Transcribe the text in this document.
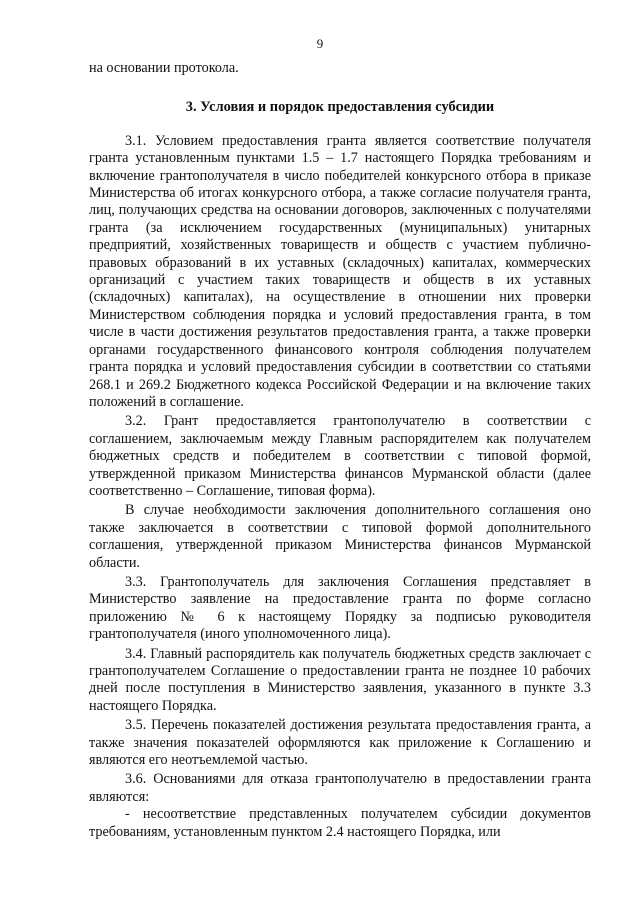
9

на основании протокола.

3. Условия и порядок предоставления субсидии

3.1. Условием предоставления гранта является соответствие получателя гранта установленным пунктами 1.5 – 1.7 настоящего Порядка требованиям и включение грантополучателя в число победителей конкурсного отбора в приказе Министерства об итогах конкурсного отбора, а также согласие получателя гранта, лиц, получающих средства на основании договоров, заключенных с получателями гранта (за исключением государственных (муниципальных) унитарных предприятий, хозяйственных товариществ и обществ с участием публично-правовых образований в их уставных (складочных) капиталах, коммерческих организаций с участием таких товариществ и обществ в их уставных (складочных) капиталах), на осуществление в отношении них проверки Министерством соблюдения порядка и условий предоставления гранта, в том числе в части достижения результатов предоставления гранта, а также проверки органами государственного финансового контроля соблюдения получателем гранта порядка и условий предоставления субсидии в соответствии со статьями 268.1 и 269.2 Бюджетного кодекса Российской Федерации и на включение таких положений в соглашение.

3.2. Грант предоставляется грантополучателю в соответствии с соглашением, заключаемым между Главным распорядителем как получателем бюджетных средств и победителем в соответствии с типовой формой, утвержденной приказом Министерства финансов Мурманской области (далее соответственно – Соглашение, типовая форма).

В случае необходимости заключения дополнительного соглашения оно также заключается в соответствии с типовой формой дополнительного соглашения, утвержденной приказом Министерства финансов Мурманской области.

3.3. Грантополучатель для заключения Соглашения представляет в Министерство заявление на предоставление гранта по форме согласно приложению № 6 к настоящему Порядку за подписью руководителя грантополучателя (иного уполномоченного лица).

3.4. Главный распорядитель как получатель бюджетных средств заключает с грантополучателем Соглашение о предоставлении гранта не позднее 10 рабочих дней после поступления в Министерство заявления, указанного в пункте 3.3 настоящего Порядка.

3.5. Перечень показателей достижения результата предоставления гранта, а также значения показателей оформляются как приложение к Соглашению и являются его неотъемлемой частью.

3.6. Основаниями для отказа грантополучателю в предоставлении гранта являются:

- несоответствие представленных получателем субсидии документов требованиям, установленным пунктом 2.4 настоящего Порядка, или
